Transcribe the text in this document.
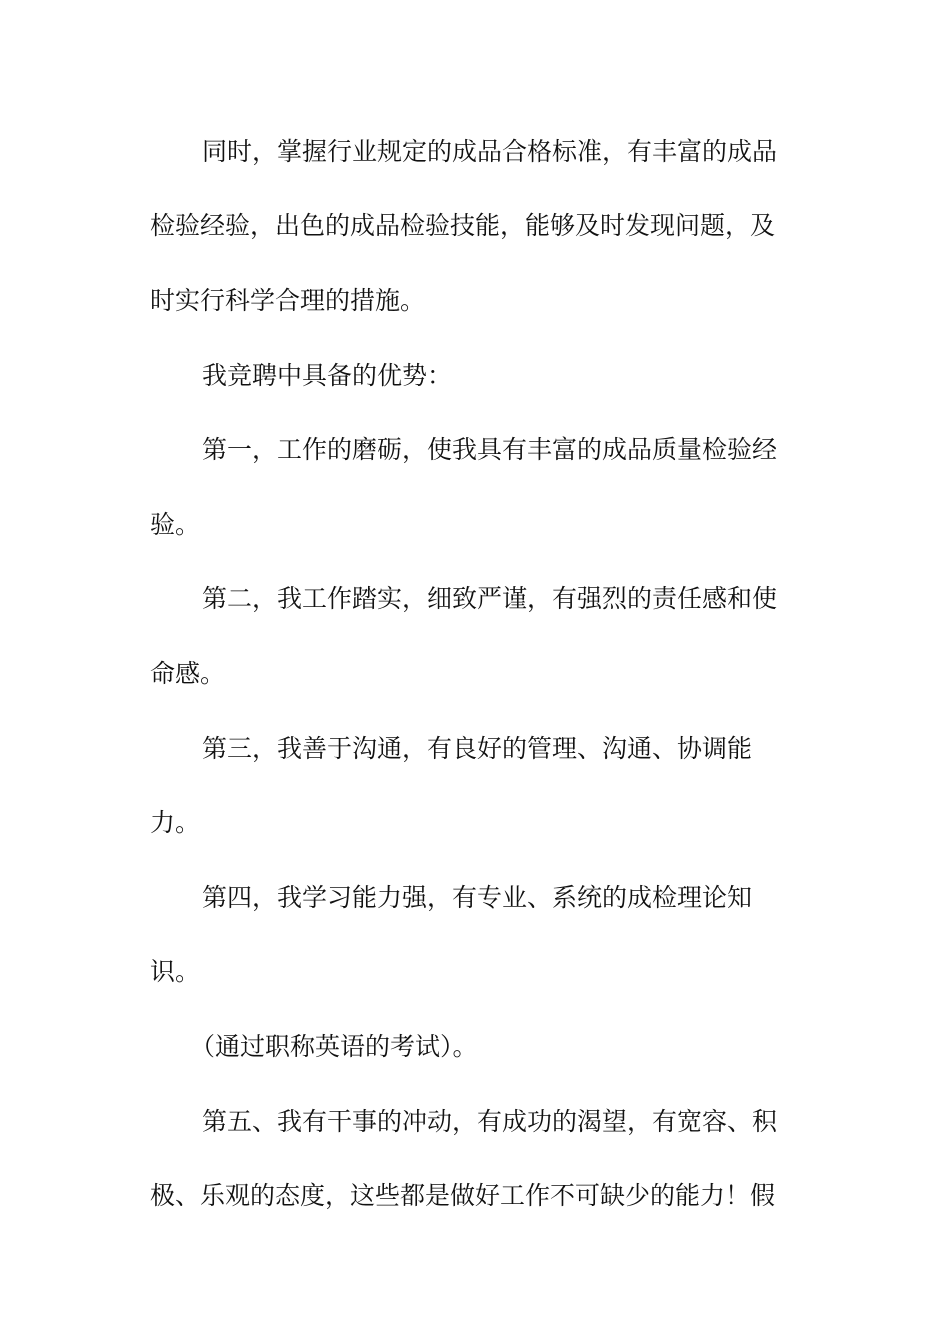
同时，掌握行业规定的成品合格标准，有丰富的成品
检验经验，出色的成品检验技能，能够及时发现问题，及
时实行科学合理的措施。
我竞聘中具备的优势：
第一，工作的磨砺，使我具有丰富的成品质量检验经
验。
第二，我工作踏实，细致严谨，有强烈的责任感和使
命感。
第三，我善于沟通，有良好的管理、沟通、协调能
力。
第四，我学习能力强，有专业、系统的成检理论知
识。
（通过职称英语的考试）。
第五、我有干事的冲动，有成功的渴望，有宽容、积
极、乐观的态度，这些都是做好工作不可缺少的能力！假
